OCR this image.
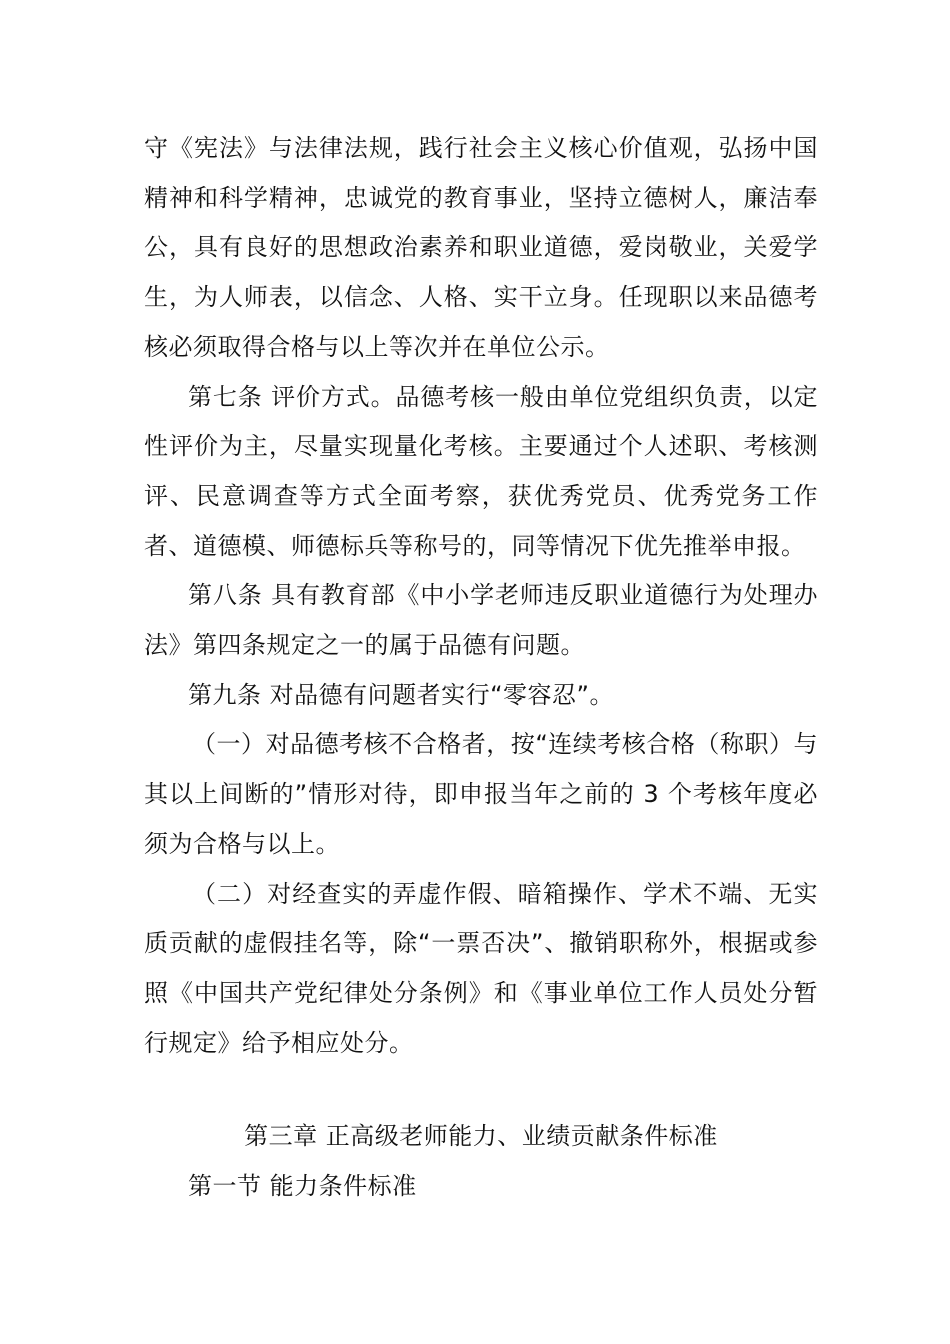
守《宪法》与法律法规，践行社会主义核心价值观，弘扬中国精神和科学精神，忠诚党的教育事业，坚持立德树人，廉洁奉公，具有良好的思想政治素养和职业道德，爱岗敬业，关爱学生，为人师表，以信念、人格、实干立身。任现职以来品德考核必须取得合格与以上等次并在单位公示。

第七条 评价方式。品德考核一般由单位党组织负责，以定性评价为主，尽量实现量化考核。主要通过个人述职、考核测评、民意调查等方式全面考察，获优秀党员、优秀党务工作者、道德模、师德标兵等称号的，同等情况下优先推举申报。

第八条 具有教育部《中小学老师违反职业道德行为处理办法》第四条规定之一的属于品德有问题。

第九条 对品德有问题者实行“零容忍”。

（一）对品德考核不合格者，按“连续考核合格（称职）与其以上间断的”情形对待，即申报当年之前的 3 个考核年度必须为合格与以上。

（二）对经查实的弄虚作假、暗箱操作、学术不端、无实质贡献的虚假挂名等，除“一票否决”、撤销职称外，根据或参照《中国共产党纪律处分条例》和《事业单位工作人员处分暂行规定》给予相应处分。

第三章 正高级老师能力、业绩贡献条件标准

第一节 能力条件标准
